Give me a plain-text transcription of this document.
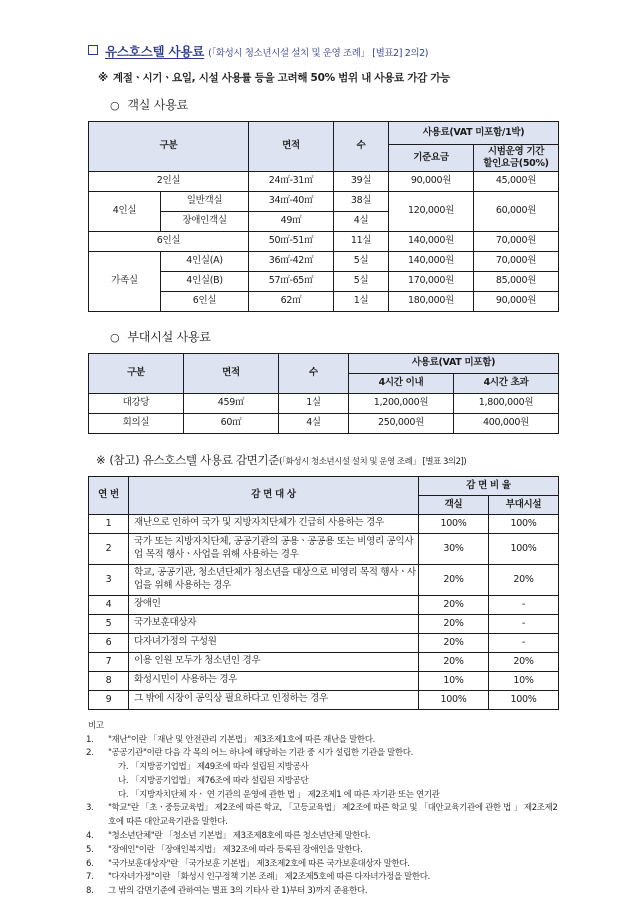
유스호스텔 사용료 (「화성시 청소년시설 설치 및 운영 조례」 [별표2] 2의2)
※ 계절ㆍ시기ㆍ요일, 시설 사용률 등을 고려해 50% 범위 내 사용료 가감 가능
○ 객실 사용료
구분		면적	수	사용료(VAT 미포함/1박)	
				기준요금	시범운영 기간
할인요금(50%)
2인실		24㎡-31㎡	39실	90,000원	45,000원
4인실	일반객실	34㎡-40㎡	38실	120,000원	60,000원
	장애인객실	49㎡	4실		
6인실		50㎡-51㎡	11실	140,000원	70,000원
가족실	4인실(A)	36㎡-42㎡	5실	140,000원	70,000원
	4인실(B)	57㎡-65㎡	5실	170,000원	85,000원
	6인실	62㎡	1실	180,000원	90,000원
○ 부대시설 사용료
구분	면적	수	사용료(VAT 미포함)	
			4시간 이내	4시간 초과
대강당	459㎡	1실	1,200,000원	1,800,000원
회의실	60㎡	4실	250,000원	400,000원
※ (참고) 유스호스텔 사용료 감면기준(「화성시 청소년시설 설치 및 운영 조례」 [별표 3의2])
연 번	감 면 대 상	감 면 비 율	
		객실	부대시설
1	재난으로 인하여 국가 및 지방자치단체가 긴급히 사용하는 경우	100%	100%
2	국가 또는 지방자치단체, 공공기관의 공용ㆍ공공용 또는 비영리 공익사업 목적 행사ㆍ사업을 위해 사용하는 경우	30%	100%
3	학교, 공공기관, 청소년단체가 청소년을 대상으로 비영리 목적 행사ㆍ사업을 위해 사용하는 경우	20%	20%
4	장애인	20%	-
5	국가보훈대상자	20%	-
6	다자녀가정의 구성원	20%	-
7	이용 인원 모두가 청소년인 경우	20%	20%
8	화성시민이 사용하는 경우	10%	10%
9	그 밖에 시장이 공익상 필요하다고 인정하는 경우	100%	100%
비고
1. "재난"이란 「재난 및 안전관리 기본법」 제3조제1호에 따른 재난을 말한다.
2. "공공기관"이란 다음 각 목의 어느 하나에 해당하는 기관 중 시가 설립한 기관을 말한다.
가. 「지방공기업법」 제49조에 따라 설립된 지방공사
나. 「지방공기업법」 제76조에 따라 설립된 지방공단
다. 「지방자치단체 자ㆍ 연 기관의 운영에 관한 법 」 제2조제1 에 따른 자기관 또는 연기관
3. "학교"란 「초ㆍ중등교육법」 제2조에 따른 학교, 「고등교육법」 제2조에 따른 학교 및 「대안교육기관에 관한 법 」 제2조제2호에 따른 대안교육기관을 말한다.
4. "청소년단체"란 「청소년 기본법」 제3조제8호에 따른 청소년단체 말한다.
5. "장애인"이란 「장애인복지법」 제32조에 따라 등록된 장애인을 말한다.
6. "국가보훈대상자"란 「국가보훈 기본법」 제3조제2호에 따른 국가보훈대상자 말한다.
7. "다자녀가정"이란 「화성시 인구정책 기본 조례」 제2조제5호에 따른 다자녀가정을 말한다.
8. 그 밖의 감면기준에 관하여는 별표 3의 기타사 란 1)부터 3)까지 준용한다.
